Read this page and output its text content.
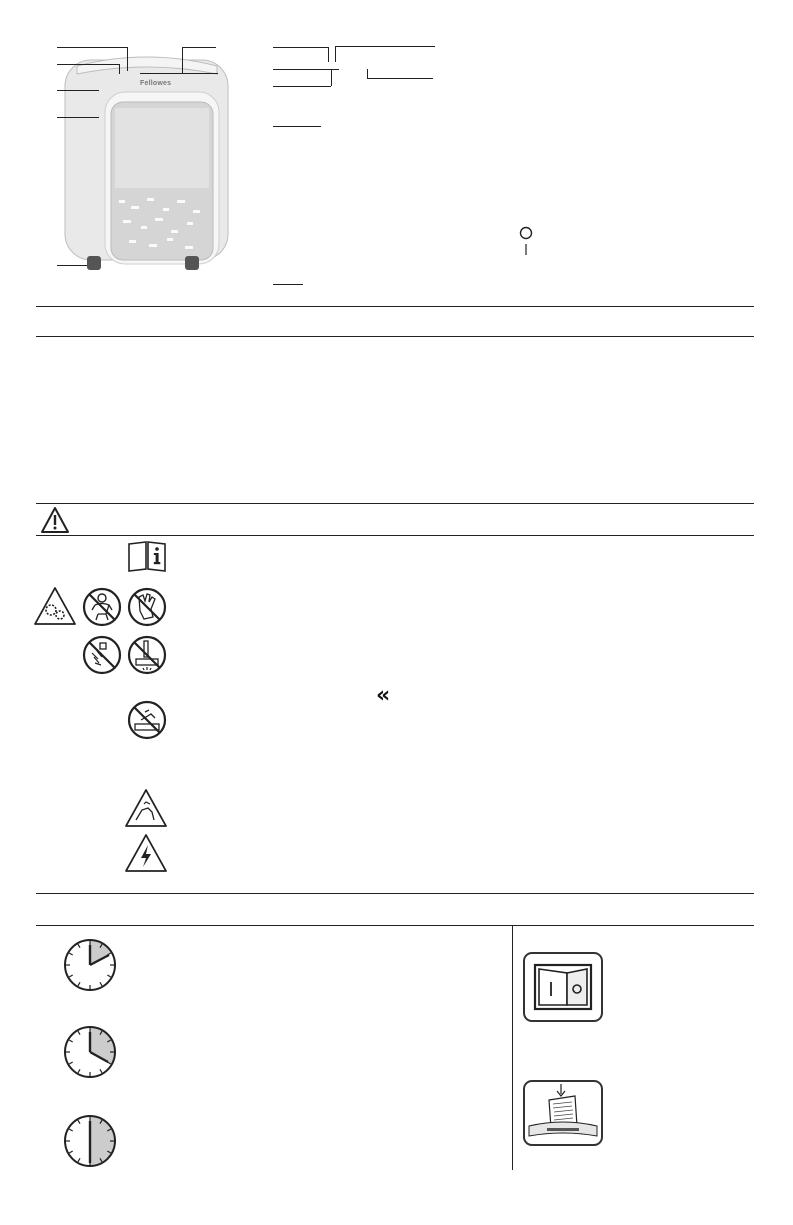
Fellowes
«
